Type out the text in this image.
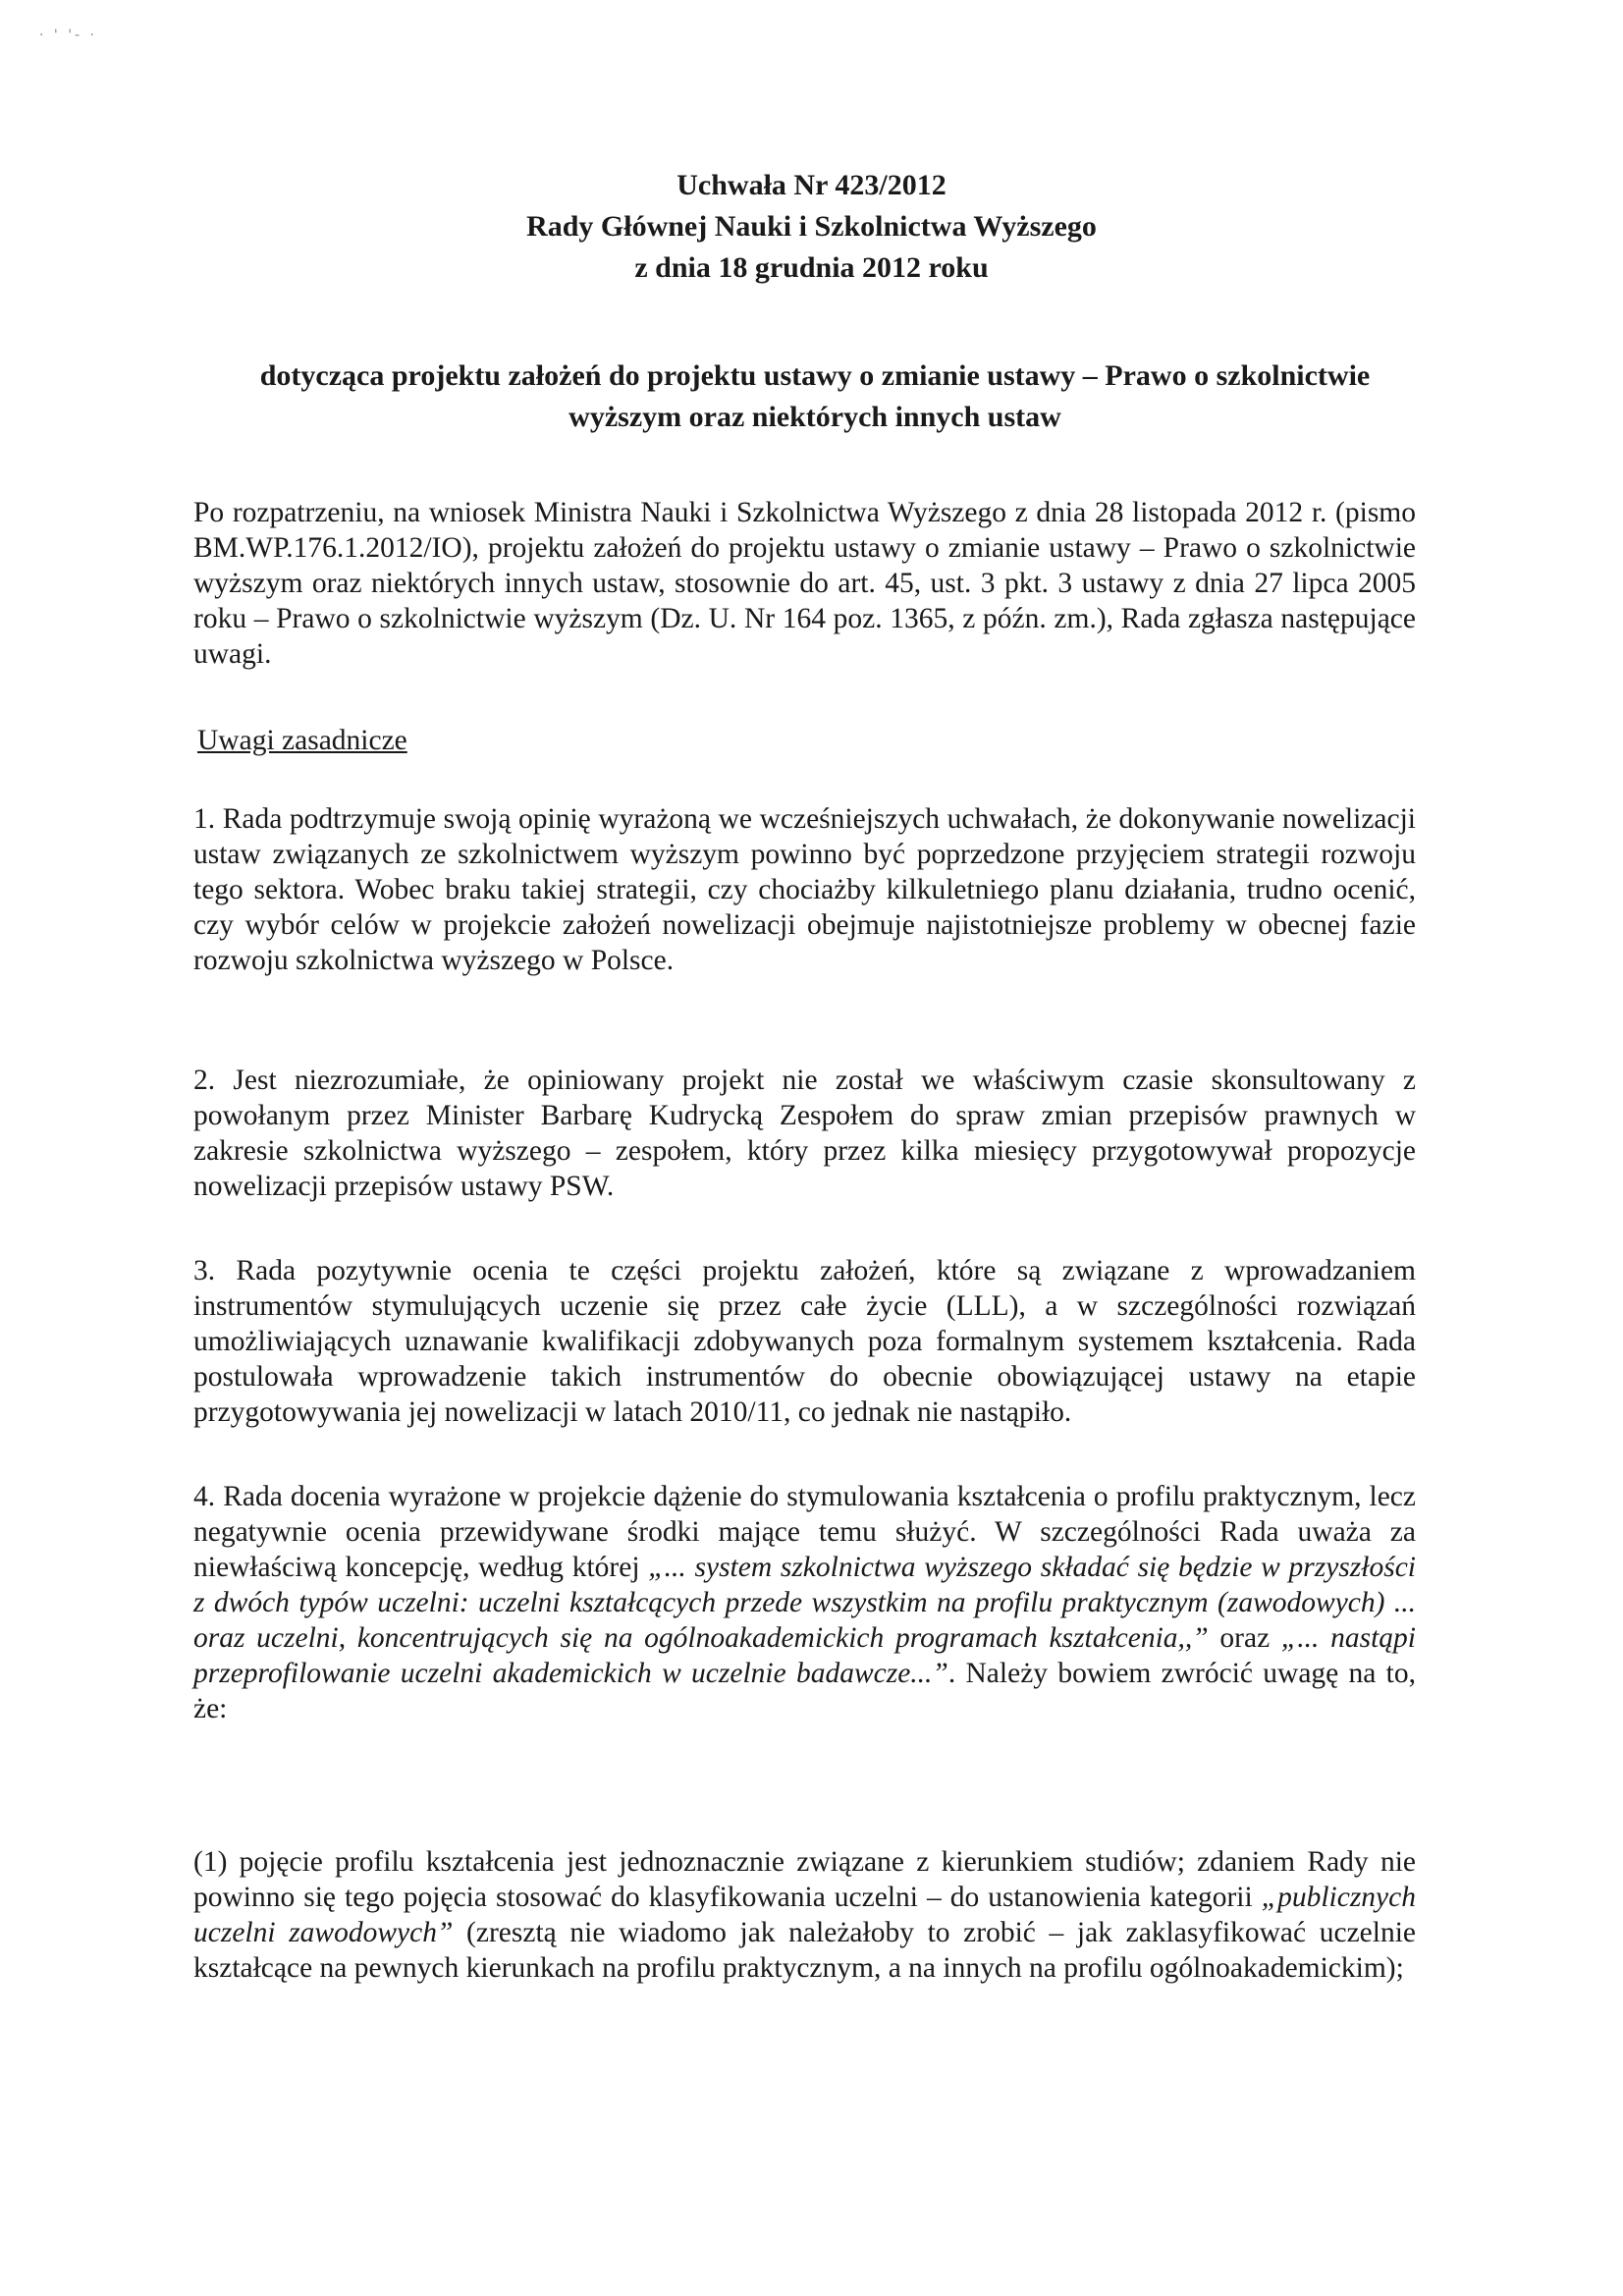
· ' '- ·
Uchwała Nr 423/2012
Rady Głównej Nauki i Szkolnictwa Wyższego
z dnia 18 grudnia 2012 roku
dotycząca projektu założeń do projektu ustawy o zmianie ustawy – Prawo o szkolnictwie
wyższym oraz niektórych innych ustaw

Po rozpatrzeniu, na wniosek Ministra Nauki i Szkolnictwa Wyższego z dnia 28 listopada 2012 r. (pismo BM.WP.176.1.2012/IO), projektu założeń do projektu ustawy o zmianie ustawy – Prawo o szkolnictwie wyższym oraz niektórych innych ustaw, stosownie do art. 45, ust. 3 pkt. 3 ustawy z dnia 27 lipca 2005 roku – Prawo o szkolnictwie wyższym (Dz. U. Nr 164 poz. 1365, z późn. zm.), Rada zgłasza następujące uwagi.

Uwagi zasadnicze

1. Rada podtrzymuje swoją opinię wyrażoną we wcześniejszych uchwałach, że dokonywanie nowelizacji ustaw związanych ze szkolnictwem wyższym powinno być poprzedzone przyjęciem strategii rozwoju tego sektora. Wobec braku takiej strategii, czy chociażby kilkuletniego planu działania, trudno ocenić, czy wybór celów w projekcie założeń nowelizacji obejmuje najistotniejsze problemy w obecnej fazie rozwoju szkolnictwa wyższego w Polsce.

2. Jest niezrozumiałe, że opiniowany projekt nie został we właściwym czasie skonsultowany z powołanym przez Minister Barbarę Kudrycką Zespołem do spraw zmian przepisów prawnych w zakresie szkolnictwa wyższego – zespołem, który przez kilka miesięcy przygotowywał propozycje nowelizacji przepisów ustawy PSW.

3. Rada pozytywnie ocenia te części projektu założeń, które są związane z wprowadzaniem instrumentów stymulujących uczenie się przez całe życie (LLL), a w szczególności rozwiązań umożliwiających uznawanie kwalifikacji zdobywanych poza formalnym systemem kształcenia. Rada postulowała wprowadzenie takich instrumentów do obecnie obowiązującej ustawy na etapie przygotowywania jej nowelizacji w latach 2010/11, co jednak nie nastąpiło.

4. Rada docenia wyrażone w projekcie dążenie do stymulowania kształcenia o profilu praktycznym, lecz negatywnie ocenia przewidywane środki mające temu służyć. W szczególności Rada uważa za niewłaściwą koncepcję, według której „... system szkolnictwa wyższego składać się będzie w przyszłości z dwóch typów uczelni: uczelni kształcących przede wszystkim na profilu praktycznym (zawodowych) ... oraz uczelni, koncentrujących się na ogólnoakademickich programach kształcenia,,” oraz „... nastąpi przeprofilowanie uczelni akademickich w uczelnie badawcze...”. Należy bowiem zwrócić uwagę na to, że:

(1) pojęcie profilu kształcenia jest jednoznacznie związane z kierunkiem studiów; zdaniem Rady nie powinno się tego pojęcia stosować do klasyfikowania uczelni – do ustanowienia kategorii „publicznych uczelni zawodowych” (zresztą nie wiadomo jak należałoby to zrobić – jak zaklasyfikować uczelnie kształcące na pewnych kierunkach na profilu praktycznym, a na innych na profilu ogólnoakademickim);
